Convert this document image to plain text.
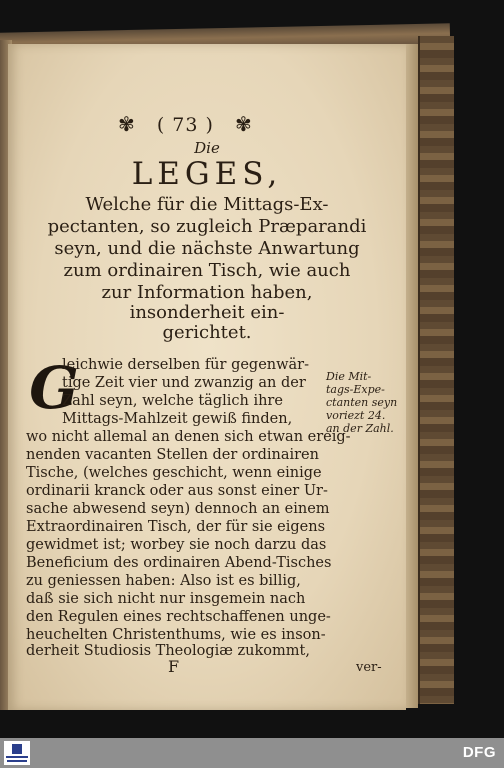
✾ ( 73 ) ✾
Die
LEGES,
Welche für die Mittags-Ex-
pectanten, so zugleich Præparandi
seyn, und die nächste Anwartung
zum ordinairen Tisch, wie auch
zur Information haben,
insonderheit ein-
gerichtet.
G
leichwie derselben für gegenwär-
tige Zeit vier und zwanzig an der
Zahl seyn, welche täglich ihre
Mittags-Mahlzeit gewiß finden,
wo nicht allemal an denen sich etwan ereig-
nenden vacanten Stellen der ordinairen
Tische, (welches geschicht, wenn einige
ordinarii kranck oder aus sonst einer Ur-
sache abwesend seyn) dennoch an einem
Extraordinairen Tisch, der für sie eigens
gewidmet ist; worbey sie noch darzu das
Beneficium des ordinairen Abend-Tisches
zu geniessen haben: Also ist es billig,
daß sie sich nicht nur insgemein nach
den Regulen eines rechtschaffenen unge-
heuchelten Christenthums, wie es inson-
derheit Studiosis Theologiæ zukommt,
Die Mit-
tags-Expe-
ctanten seyn
voriezt 24.
an der Zahl.
F	ver-
DFG
